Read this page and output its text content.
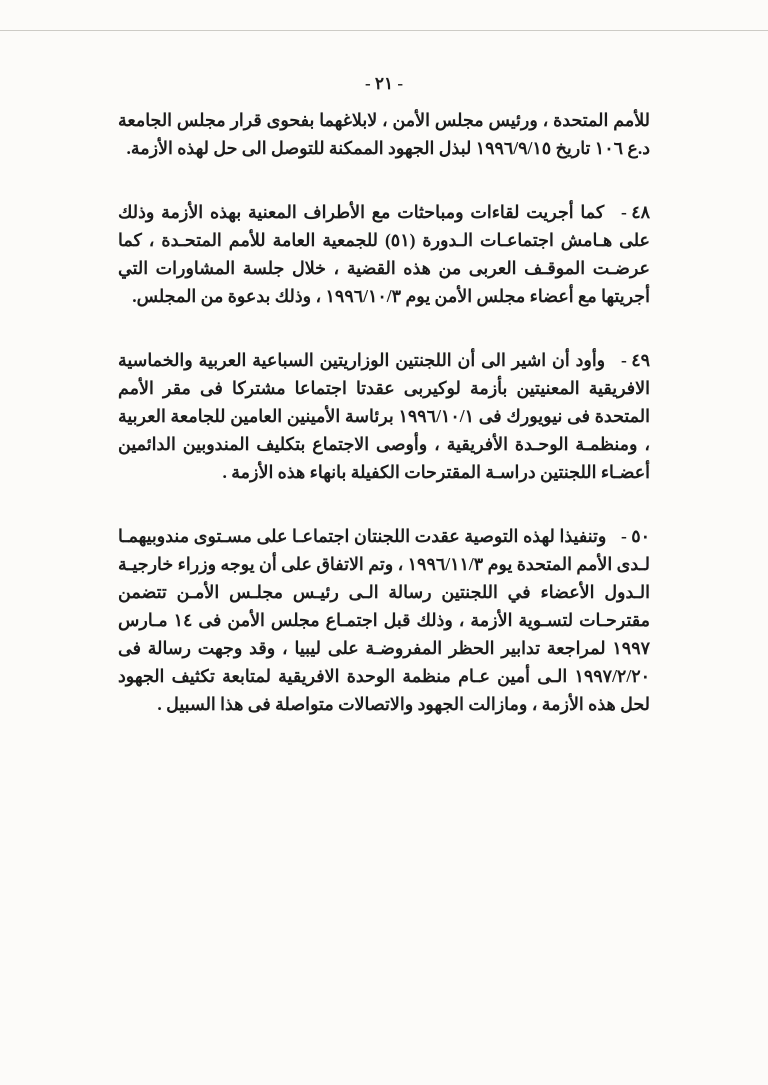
- ٢١ -

للأمم المتحدة ، ورئيس مجلس الأمن ، لابلاغهما بفحوى قرار مجلس الجامعة د.ع ١٠٦ تاريخ ١٩٩٦/٩/١٥ لبذل الجهود الممكنة للتوصل الى حل لهذه الأزمة.

٤٨ - كما أجريت لقاءات ومباحثات مع الأطراف المعنية بهذه الأزمة وذلك على هـامش اجتماعـات الـدورة (٥١) للجمعية العامة للأمم المتحـدة ، كما عرضـت الموقـف العربى من هذه القضية ، خلال جلسة المشاورات التي أجريتها مع أعضاء مجلس الأمن يوم ١٩٩٦/١٠/٣ ، وذلك بدعوة من المجلس.

٤٩ - وأود أن اشير الى أن اللجنتين الوزاريتين السباعية العربية والخماسية الافريقية المعنيتين بأزمة لوكيربى عقدتا اجتماعا مشتركا فى مقر الأمم المتحدة فى نيويورك فى ١٩٩٦/١٠/١ برئاسة الأمينين العامين للجامعة العربية ، ومنظمـة الوحـدة الأفريقية ، وأوصى الاجتماع بتكليف المندوبين الدائمين أعضـاء اللجنتين دراسـة المقترحات الكفيلة بانهاء هذه الأزمة .

٥٠ - وتنفيذا لهذه التوصية عقدت اللجنتان اجتماعـا على مسـتوى مندوبيهمـا لـدى الأمم المتحدة يوم ١٩٩٦/١١/٣ ، وتم الاتفاق على أن يوجه وزراء خارجيـة الـدول الأعضاء في اللجنتين رسالة الـى رئيـس مجلـس الأمـن تتضمن مقترحـات لتسـوية الأزمة ، وذلك قبل اجتمـاع مجلس الأمن فى ١٤ مـارس ١٩٩٧ لمراجعة تدابير الحظر المفروضـة على ليبيا ، وقد وجهت رسالة فى ١٩٩٧/٢/٢٠ الـى أمين عـام منظمة الوحدة الافريقية لمتابعة تكثيف الجهود لحل هذه الأزمة ، ومازالت الجهود والاتصالات متواصلة فى هذا السبيل .
